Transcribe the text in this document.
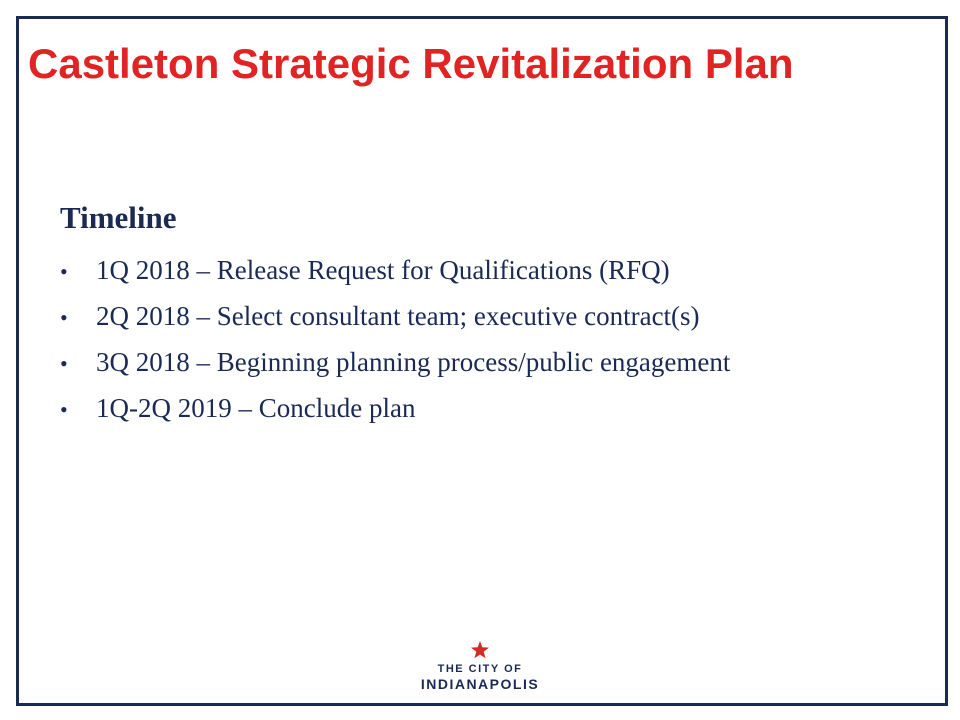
Castleton Strategic Revitalization Plan
Timeline
•	1Q 2018 – Release Request for Qualifications (RFQ)
•	2Q 2018 – Select consultant team; executive contract(s)
•	3Q 2018 – Beginning planning process/public engagement
•	1Q-2Q 2019 – Conclude plan
THE CITY OF
INDIANAPOLIS
